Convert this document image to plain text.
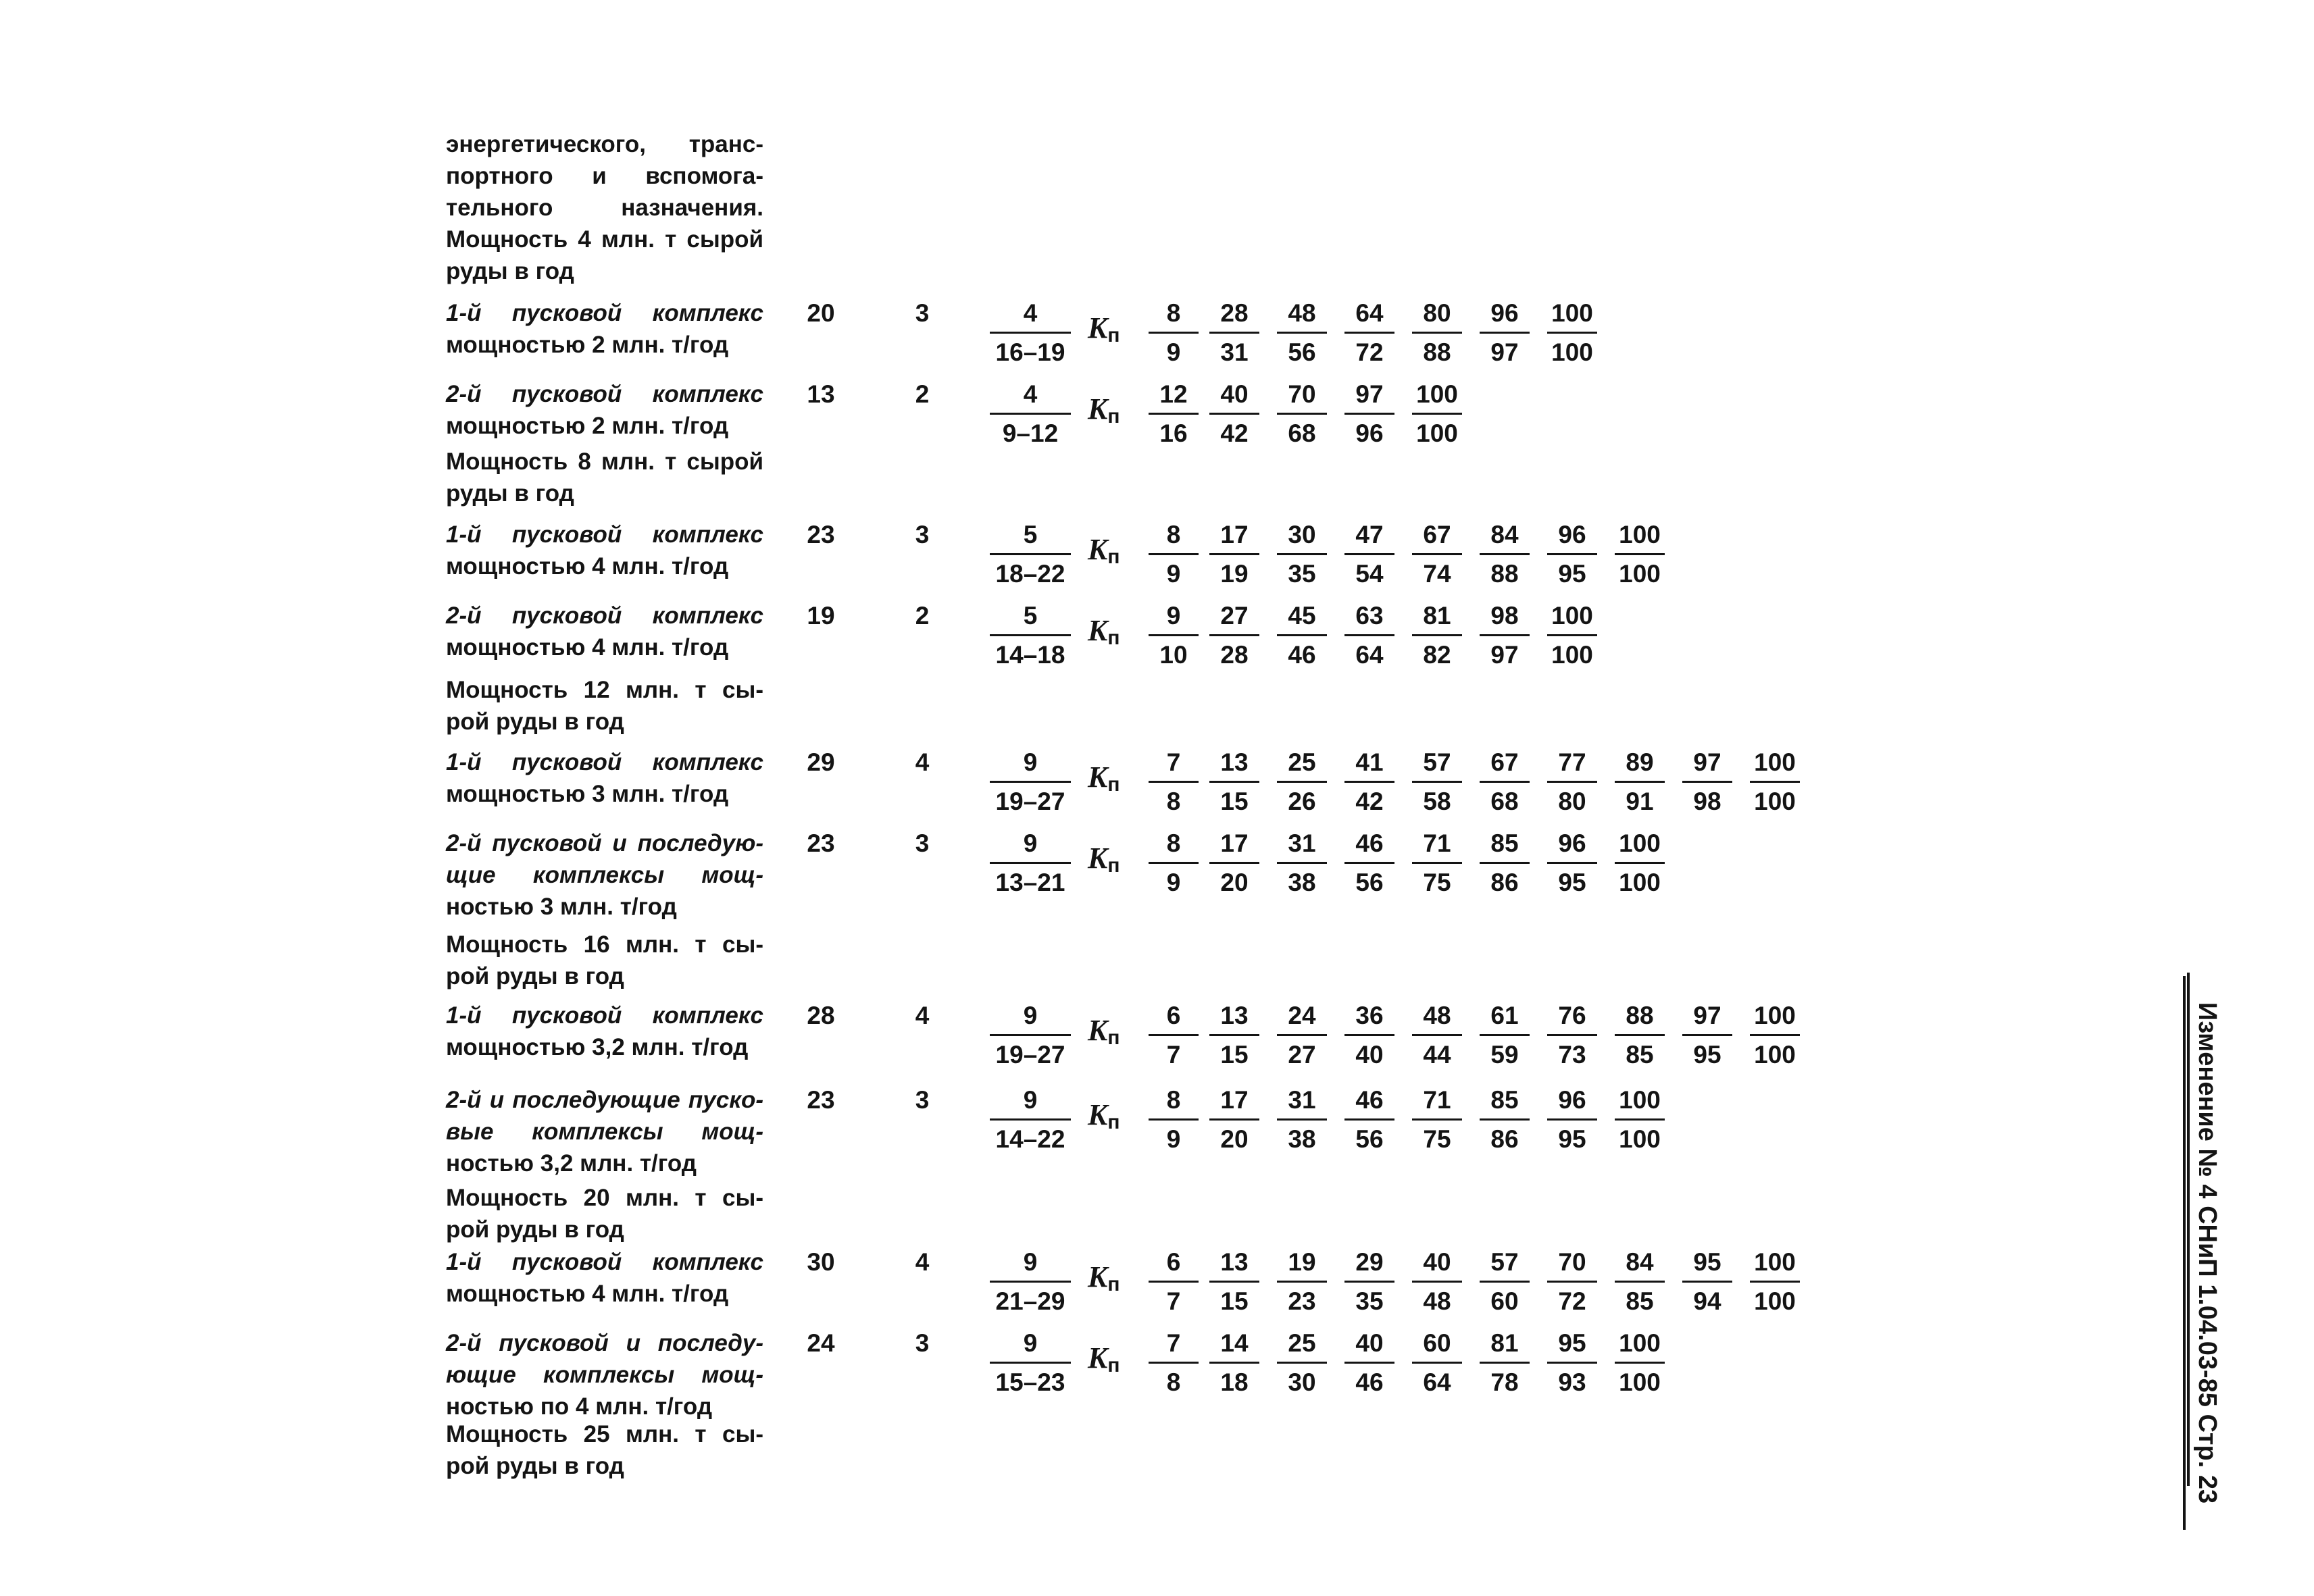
энергетического, транс-
портного и вспомога-
тельного назначения.
Мощность 4 млн. т сырой
руды в год
1-й пусковой комплекс
мощностью 2 млн. т/год
20	3	$\frac{4}{16-19} K_п$	$\frac{8}{9} \frac{28}{31} \frac{48}{56} \frac{64}{72} \frac{80}{88} \frac{96}{97} \frac{100}{100}$
2-й пусковой комплекс
мощностью 2 млн. т/год
13	2	$\frac{4}{9-12} K_п$	$\frac{12}{16} \frac{40}{42} \frac{70}{68} \frac{97}{96} \frac{100}{100}$
Мощность 8 млн. т сырой
руды в год
1-й пусковой комплекс
мощностью 4 млн. т/год
23	3	$\frac{5}{18-22} K_п$	$\frac{8}{9} \frac{17}{19} \frac{30}{35} \frac{47}{54} \frac{67}{74} \frac{84}{88} \frac{96}{95} \frac{100}{100}$
2-й пусковой комплекс
мощностью 4 млн. т/год
19	2	$\frac{5}{14-18} K_п$	$\frac{9}{10} \frac{27}{28} \frac{45}{46} \frac{63}{64} \frac{81}{82} \frac{98}{97} \frac{100}{100}$
Мощность 12 млн. т сы-
рой руды в год
1-й пусковой комплекс
мощностью 3 млн. т/год
29	4	$\frac{9}{19-27} K_п$	$\frac{7}{8} \frac{13}{15} \frac{25}{26} \frac{41}{42} \frac{57}{58} \frac{67}{68} \frac{77}{80} \frac{89}{91} \frac{97}{98} \frac{100}{100}$
2-й пусковой и последую-
щие комплексы мощ-
ностью 3 млн. т/год
23	3	$\frac{9}{13-21} K_п$	$\frac{8}{9} \frac{17}{20} \frac{31}{38} \frac{46}{56} \frac{71}{75} \frac{85}{86} \frac{96}{95} \frac{100}{100}$
Мощность 16 млн. т сы-
рой руды в год
1-й пусковой комплекс
мощностью 3,2 млн. т/год
28	4	$\frac{9}{19-27} K_п$	$\frac{6}{7} \frac{13}{15} \frac{24}{27} \frac{36}{40} \frac{48}{44} \frac{61}{59} \frac{76}{73} \frac{88}{85} \frac{97}{95} \frac{100}{100}$
2-й и последующие пуско-
вые комплексы мощ-
ностью 3,2 млн. т/год
23	3	$\frac{9}{14-22} K_п$	$\frac{8}{9} \frac{17}{20} \frac{31}{38} \frac{46}{56} \frac{71}{75} \frac{85}{86} \frac{96}{95} \frac{100}{100}$
Мощность 20 млн. т сы-
рой руды в год
1-й пусковой комплекс
мощностью 4 млн. т/год
30	4	$\frac{9}{21-29} K_п$	$\frac{6}{7} \frac{13}{15} \frac{19}{23} \frac{29}{35} \frac{40}{48} \frac{57}{60} \frac{70}{72} \frac{84}{85} \frac{95}{94} \frac{100}{100}$
2-й пусковой и последу-
ющие комплексы мощ-
ностью по 4 млн. т/год
24	3	$\frac{9}{15-23} K_п$	$\frac{7}{8} \frac{14}{18} \frac{25}{30} \frac{40}{46} \frac{60}{64} \frac{81}{78} \frac{95}{93} \frac{100}{100}$
Мощность 25 млн. т сы-
рой руды в год	Изменение № 4 СНиП 1.04.03-85 Стр. 23
